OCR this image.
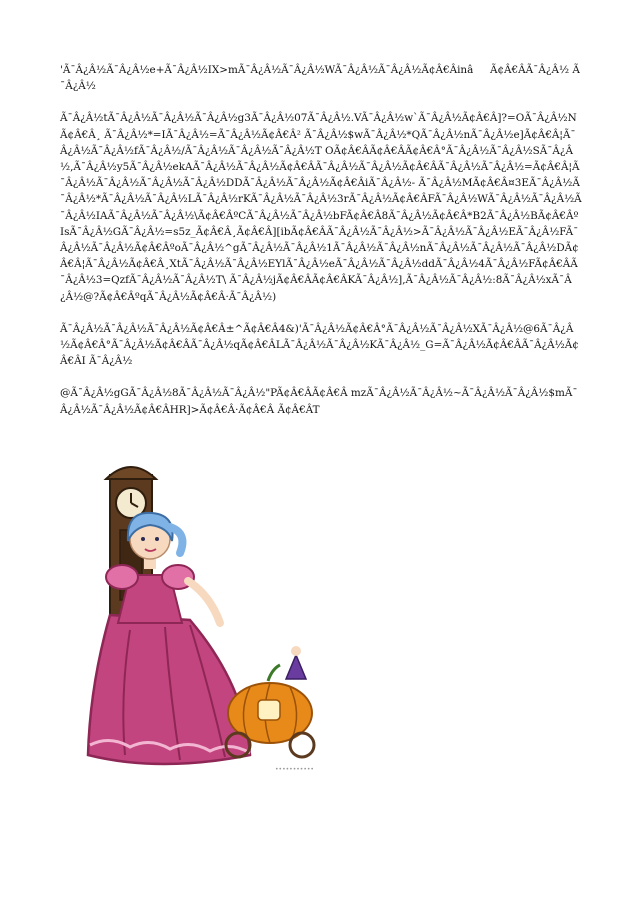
'Ã¯Â¿Â½Ã¯Â¿Â½e+Ã¯Â¿Â½IX>mÃ¯Â¿Â½Ã¯Â¿Â½WÃ¯Â¿Â½Ã¯Â¿Â½Ã¢Â€ÂinâÃ¢Â€ÂÃ¯Â¿Â½ Ã¯Â¿Â½

Ã¯Â¿Â½tÃ¯Â¿Â½Ã¯Â¿Â½Ã¯Â¿Â½g3Ã¯Â¿Â½07Ã¯Â¿Â½.VÃ¯Â¿Â½w`Ã¯Â¿Â½Ã¢Â€Â]?=OÃ¯Â¿Â½NÃ¢Â€Â¸ Ã¯Â¿Â½*=IÃ¯Â¿Â½=Ã¯Â¿Â½Ã¢Â€Â² Ã¯Â¿Â½$wÃ¯Â¿Â½*QÃ¯Â¿Â½nÃ¯Â¿Â½e]Ã¢Â€Â¦Ã¯Â¿Â½Ã¯Â¿Â½fÃ¯Â¿Â½/Ã¯Â¿Â½Ã¯Â¿Â½Ã¯Â¿Â½T OÃ¢Â€ÂÃ¢Â€ÂÃ¢Â€Â°Ã¯Â¿Â½Ã¯Â¿Â½SÃ¯Â¿Â½,Ã¯Â¿Â½y5Ã¯Â¿Â½ekAÃ¯Â¿Â½Ã¯Â¿Â½Ã¢Â€ÂÃ¯Â¿Â½Ã¯Â¿Â½Ã¢Â€ÂÃ¯Â¿Â½Ã¯Â¿Â½=Ã¢Â€Â¦Ã¯Â¿Â½Ã¯Â¿Â½Ã¯Â¿Â½Ã¯Â¿Â½DDÃ¯Â¿Â½Ã¯Â¿Â½Ã¢Â€ÂiÃ¯Â¿Â½- Ã¯Â¿Â½MÃ¢Â€Â¤3EÃ¯Â¿Â½Ã¯Â¿Â½*Ã¯Â¿Â½Ã¯Â¿Â½LÃ¯Â¿Â½rKÃ¯Â¿Â½Ã¯Â¿Â½3rÃ¯Â¿Â½Ã¢Â€ÂFÃ¯Â¿Â½WÃ¯Â¿Â½Ã¯Â¿Â½Ã¯Â¿Â½IAÃ¯Â¿Â½Ã¯Â¿Â½\Ã¢Â€ÂºCÃ¯Â¿Â½Ã¯Â¿Â½bFÃ¢Â€Â8Ã¯Â¿Â½Ã¢Â€Â*B2Ã¯Â¿Â½BÃ¢Â€ÂºIsÃ¯Â¿Â½GÃ¯Â¿Â½=s5z_Ã¢Â€Â¸Ã¢Â€Â][ibÃ¢Â€ÂÃ¯Â¿Â½Ã¯Â¿Â½>Ã¯Â¿Â½Ã¯Â¿Â½EÃ¯Â¿Â½FÃ¯Â¿Â½Ã¯Â¿Â½Ã¢Â€ÂºoÃ¯Â¿Â½^gÃ¯Â¿Â½Ã¯Â¿Â½1Ã¯Â¿Â½Ã¯Â¿Â½nÃ¯Â¿Â½Ã¯Â¿Â½Ã¯Â¿Â½DÃ¢Â€Â¦Ã¯Â¿Â½Ã¢Â€Â¸XtÃ¯Â¿Â½Ã¯Â¿Â½EYlÃ¯Â¿Â½eÃ¯Â¿Â½Ã¯Â¿Â½ddÃ¯Â¿Â½4Ã¯Â¿Â½FÃ¢Â€ÂÃ¯Â¿Â½3=QzfÃ¯Â¿Â½Ã¯Â¿Â½T\ Ã¯Â¿Â½jÃ¢Â€ÂÃ¢Â€ÂKÃ¯Â¿Â½],Ã¯Â¿Â½Ã¯Â¿Â½:8Ã¯Â¿Â½xÃ¯Â¿Â½@?Ã¢Â€ÂºqÃ¯Â¿Â½Ã¢Â€Â·Ã¯Â¿Â½)

Ã¯Â¿Â½Ã¯Â¿Â½Ã¯Â¿Â½Ã¢Â€Â±^Ã¢Â€Â4&)'Ã¯Â¿Â½Ã¢Â€Â°Ã¯Â¿Â½Ã¯Â¿Â½XÃ¯Â¿Â½@6Ã¯Â¿Â½Ã¢Â€Â°Ã¯Â¿Â½Ã¢Â€ÂÃ¯Â¿Â½qÃ¢Â€ÂLÃ¯Â¿Â½Ã¯Â¿Â½KÃ¯Â¿Â½_G=Ã¯Â¿Â½Ã¢Â€ÂÃ¯Â¿Â½Ã¢Â€ÂI Ã¯Â¿Â½

@Ã¯Â¿Â½gGÃ¯Â¿Â½8Ã¯Â¿Â½Ã¯Â¿Â½"PÃ¢Â€ÂÃ¢Â€Â mzÃ¯Â¿Â½Ã¯Â¿Â½~Ã¯Â¿Â½Ã¯Â¿Â½$mÃ¯Â¿Â½Ã¯Â¿Â½Ã¢Â€ÂHR]>Ã¢Â€Â·Ã¢Â€Â Ã¢Â€ÂT

•••••••••••
